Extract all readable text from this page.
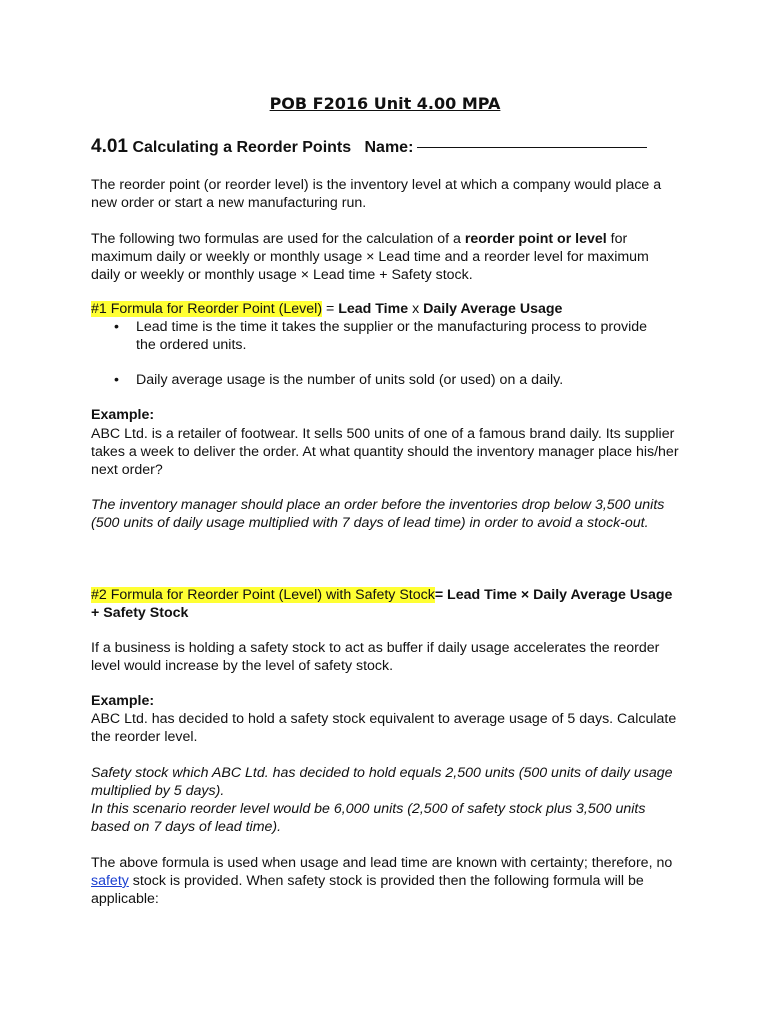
POB F2016 Unit 4.00 MPA
4.01 Calculating a Reorder Points Name:
The reorder point (or reorder level) is the inventory level at which a company would place a new order or start a new manufacturing run.
The following two formulas are used for the calculation of a reorder point or level for maximum daily or weekly or monthly usage × Lead time and a reorder level for maximum daily or weekly or monthly usage × Lead time + Safety stock.
#1 Formula for Reorder Point (Level) = Lead Time x Daily Average Usage
• Lead time is the time it takes the supplier or the manufacturing process to provide the ordered units.
• Daily average usage is the number of units sold (or used) on a daily.
Example:
ABC Ltd. is a retailer of footwear. It sells 500 units of one of a famous brand daily. Its supplier takes a week to deliver the order. At what quantity should the inventory manager place his/her next order?
The inventory manager should place an order before the inventories drop below 3,500 units (500 units of daily usage multiplied with 7 days of lead time) in order to avoid a stock-out.
#2 Formula for Reorder Point (Level) with Safety Stock= Lead Time × Daily Average Usage + Safety Stock
If a business is holding a safety stock to act as buffer if daily usage accelerates the reorder level would increase by the level of safety stock.
Example:
ABC Ltd. has decided to hold a safety stock equivalent to average usage of 5 days. Calculate the reorder level.
Safety stock which ABC Ltd. has decided to hold equals 2,500 units (500 units of daily usage multiplied by 5 days).
In this scenario reorder level would be 6,000 units (2,500 of safety stock plus 3,500 units based on 7 days of lead time).
The above formula is used when usage and lead time are known with certainty; therefore, no safety stock is provided. When safety stock is provided then the following formula will be applicable:
